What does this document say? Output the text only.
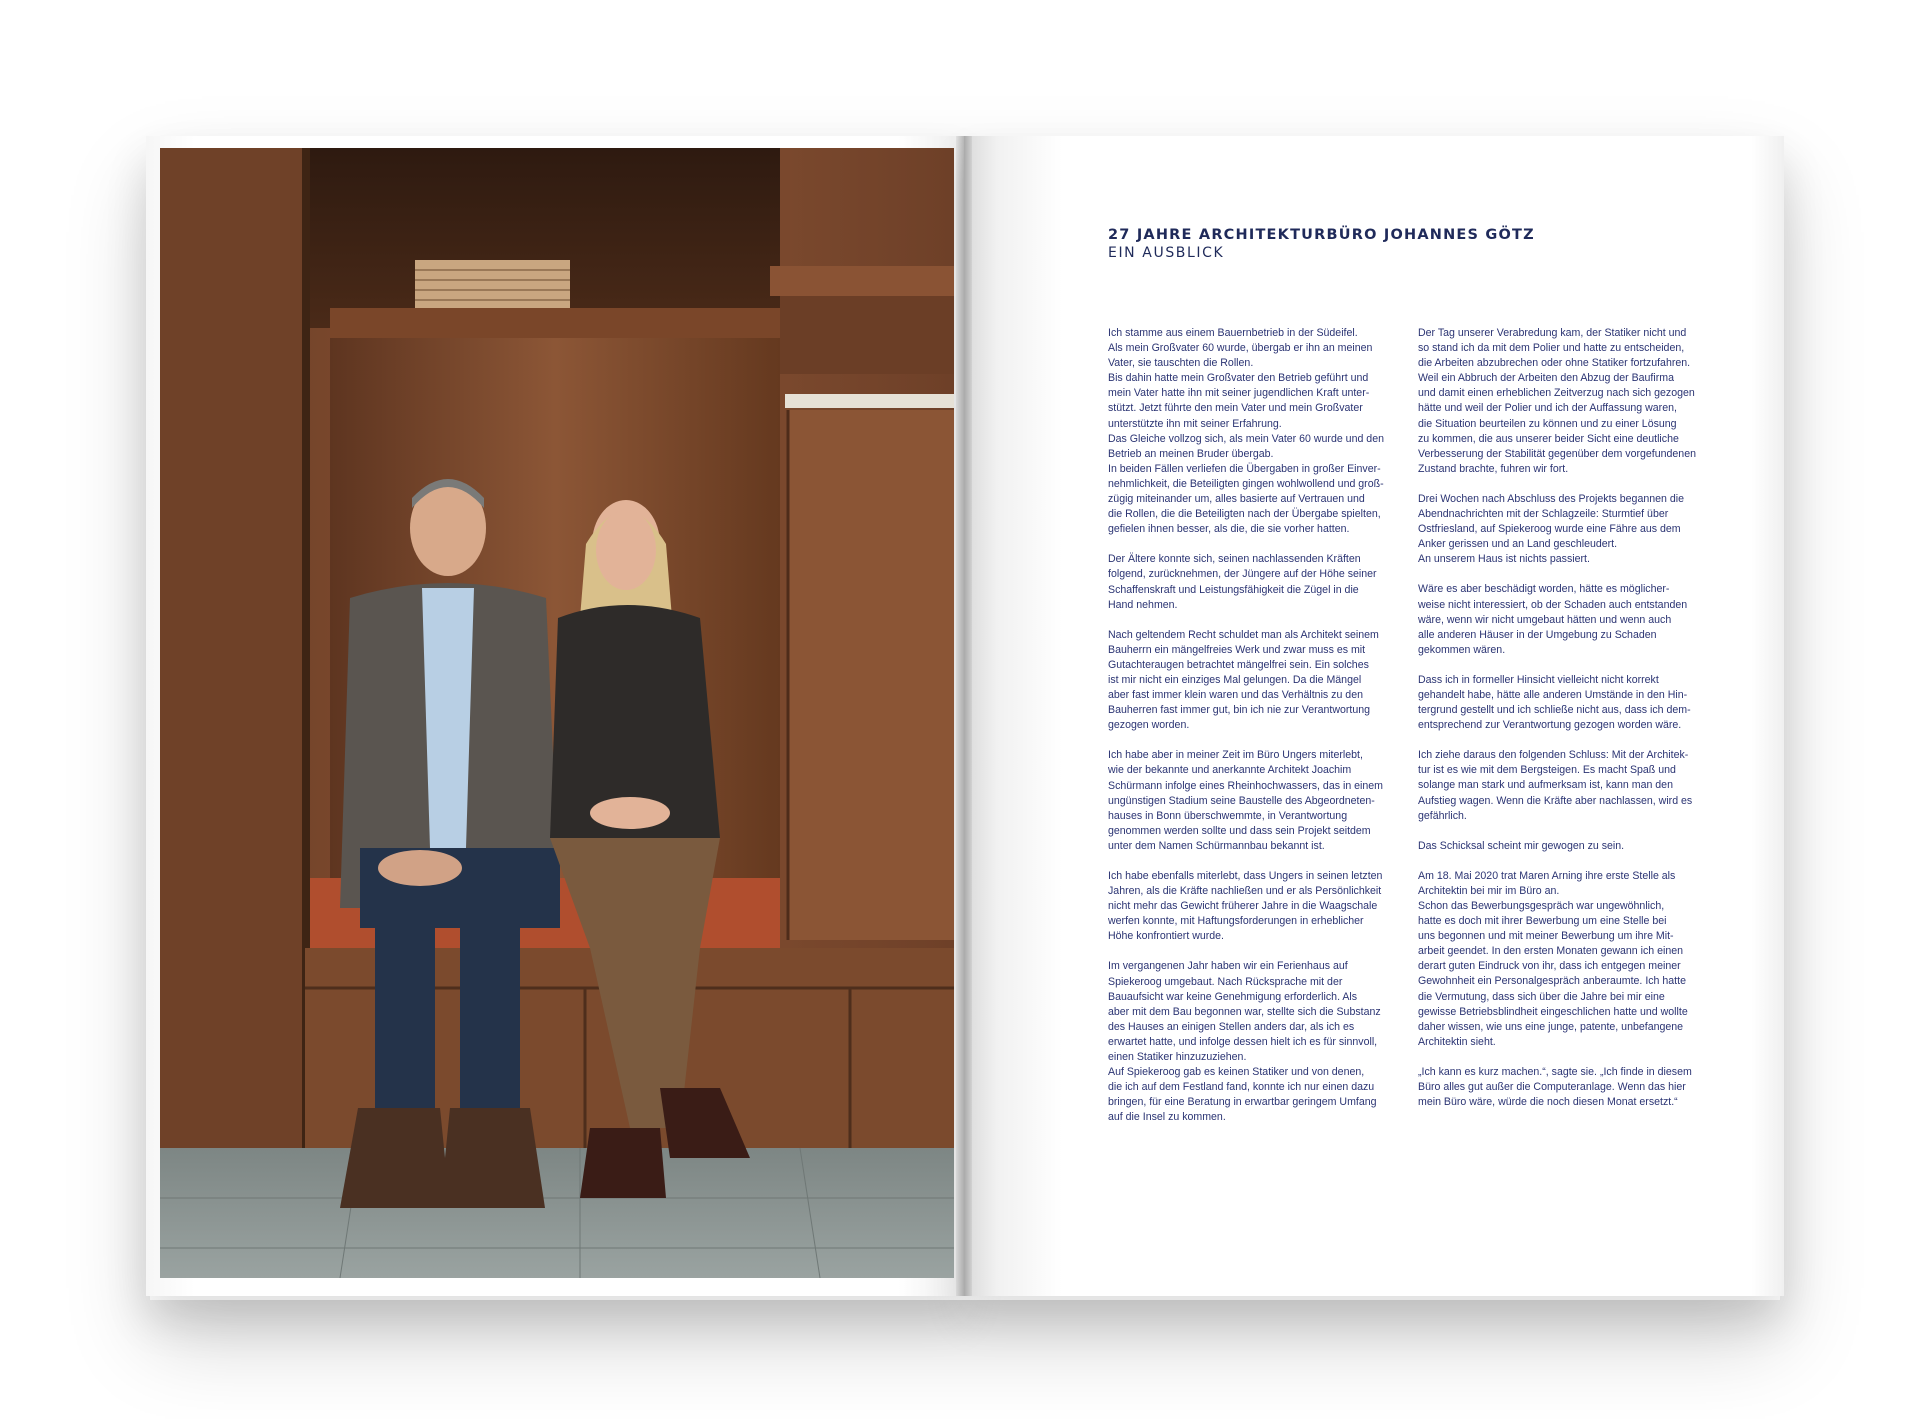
27 JAHRE ARCHITEKTURBÜRO JOHANNES GÖTZ
EIN AUSBLICK

Ich stamme aus einem Bauernbetrieb in der Südeifel.
Als mein Großvater 60 wurde, übergab er ihn an meinen
Vater, sie tauschten die Rollen.
Bis dahin hatte mein Großvater den Betrieb geführt und
mein Vater hatte ihn mit seiner jugendlichen Kraft unter-
stützt. Jetzt führte den mein Vater und mein Großvater
unterstützte ihn mit seiner Erfahrung.
Das Gleiche vollzog sich, als mein Vater 60 wurde und den
Betrieb an meinen Bruder übergab.
In beiden Fällen verliefen die Übergaben in großer Einver-
nehmlichkeit, die Beteiligten gingen wohlwollend und groß-
zügig miteinander um, alles basierte auf Vertrauen und
die Rollen, die die Beteiligten nach der Übergabe spielten,
gefielen ihnen besser, als die, die sie vorher hatten.

Der Ältere konnte sich, seinen nachlassenden Kräften
folgend, zurücknehmen, der Jüngere auf der Höhe seiner
Schaffenskraft und Leistungsfähigkeit die Zügel in die
Hand nehmen.

Nach geltendem Recht schuldet man als Architekt seinem
Bauherrn ein mängelfreies Werk und zwar muss es mit
Gutachteraugen betrachtet mängelfrei sein. Ein solches
ist mir nicht ein einziges Mal gelungen. Da die Mängel
aber fast immer klein waren und das Verhältnis zu den
Bauherren fast immer gut, bin ich nie zur Verantwortung
gezogen worden.

Ich habe aber in meiner Zeit im Büro Ungers miterlebt,
wie der bekannte und anerkannte Architekt Joachim
Schürmann infolge eines Rheinhochwassers, das in einem
ungünstigen Stadium seine Baustelle des Abgeordneten-
hauses in Bonn überschwemmte, in Verantwortung
genommen werden sollte und dass sein Projekt seitdem
unter dem Namen Schürmannbau bekannt ist.

Ich habe ebenfalls miterlebt, dass Ungers in seinen letzten
Jahren, als die Kräfte nachließen und er als Persönlichkeit
nicht mehr das Gewicht früherer Jahre in die Waagschale
werfen konnte, mit Haftungsforderungen in erheblicher
Höhe konfrontiert wurde.

Im vergangenen Jahr haben wir ein Ferienhaus auf
Spiekeroog umgebaut. Nach Rücksprache mit der
Bauaufsicht war keine Genehmigung erforderlich. Als
aber mit dem Bau begonnen war, stellte sich die Substanz
des Hauses an einigen Stellen anders dar, als ich es
erwartet hatte, und infolge dessen hielt ich es für sinnvoll,
einen Statiker hinzuzuziehen.
Auf Spiekeroog gab es keinen Statiker und von denen,
die ich auf dem Festland fand, konnte ich nur einen dazu
bringen, für eine Beratung in erwartbar geringem Umfang
auf die Insel zu kommen.

Der Tag unserer Verabredung kam, der Statiker nicht und
so stand ich da mit dem Polier und hatte zu entscheiden,
die Arbeiten abzubrechen oder ohne Statiker fortzufahren.
Weil ein Abbruch der Arbeiten den Abzug der Baufirma
und damit einen erheblichen Zeitverzug nach sich gezogen
hätte und weil der Polier und ich der Auffassung waren,
die Situation beurteilen zu können und zu einer Lösung
zu kommen, die aus unserer beider Sicht eine deutliche
Verbesserung der Stabilität gegenüber dem vorgefundenen
Zustand brachte, fuhren wir fort.

Drei Wochen nach Abschluss des Projekts begannen die
Abendnachrichten mit der Schlagzeile: Sturmtief über
Ostfriesland, auf Spiekeroog wurde eine Fähre aus dem
Anker gerissen und an Land geschleudert.
An unserem Haus ist nichts passiert.

Wäre es aber beschädigt worden, hätte es möglicher-
weise nicht interessiert, ob der Schaden auch entstanden
wäre, wenn wir nicht umgebaut hätten und wenn auch
alle anderen Häuser in der Umgebung zu Schaden
gekommen wären.

Dass ich in formeller Hinsicht vielleicht nicht korrekt
gehandelt habe, hätte alle anderen Umstände in den Hin-
tergrund gestellt und ich schließe nicht aus, dass ich dem-
entsprechend zur Verantwortung gezogen worden wäre.

Ich ziehe daraus den folgenden Schluss: Mit der Architek-
tur ist es wie mit dem Bergsteigen. Es macht Spaß und
solange man stark und aufmerksam ist, kann man den
Aufstieg wagen. Wenn die Kräfte aber nachlassen, wird es
gefährlich.

Das Schicksal scheint mir gewogen zu sein.

Am 18. Mai 2020 trat Maren Arning ihre erste Stelle als
Architektin bei mir im Büro an.
Schon das Bewerbungsgespräch war ungewöhnlich,
hatte es doch mit ihrer Bewerbung um eine Stelle bei
uns begonnen und mit meiner Bewerbung um ihre Mit-
arbeit geendet. In den ersten Monaten gewann ich einen
derart guten Eindruck von ihr, dass ich entgegen meiner
Gewohnheit ein Personalgespräch anberaumte. Ich hatte
die Vermutung, dass sich über die Jahre bei mir eine
gewisse Betriebsblindheit eingeschlichen hatte und wollte
daher wissen, wie uns eine junge, patente, unbefangene
Architektin sieht.

„Ich kann es kurz machen.“, sagte sie. „Ich finde in diesem
Büro alles gut außer die Computeranlage. Wenn das hier
mein Büro wäre, würde die noch diesen Monat ersetzt.“
